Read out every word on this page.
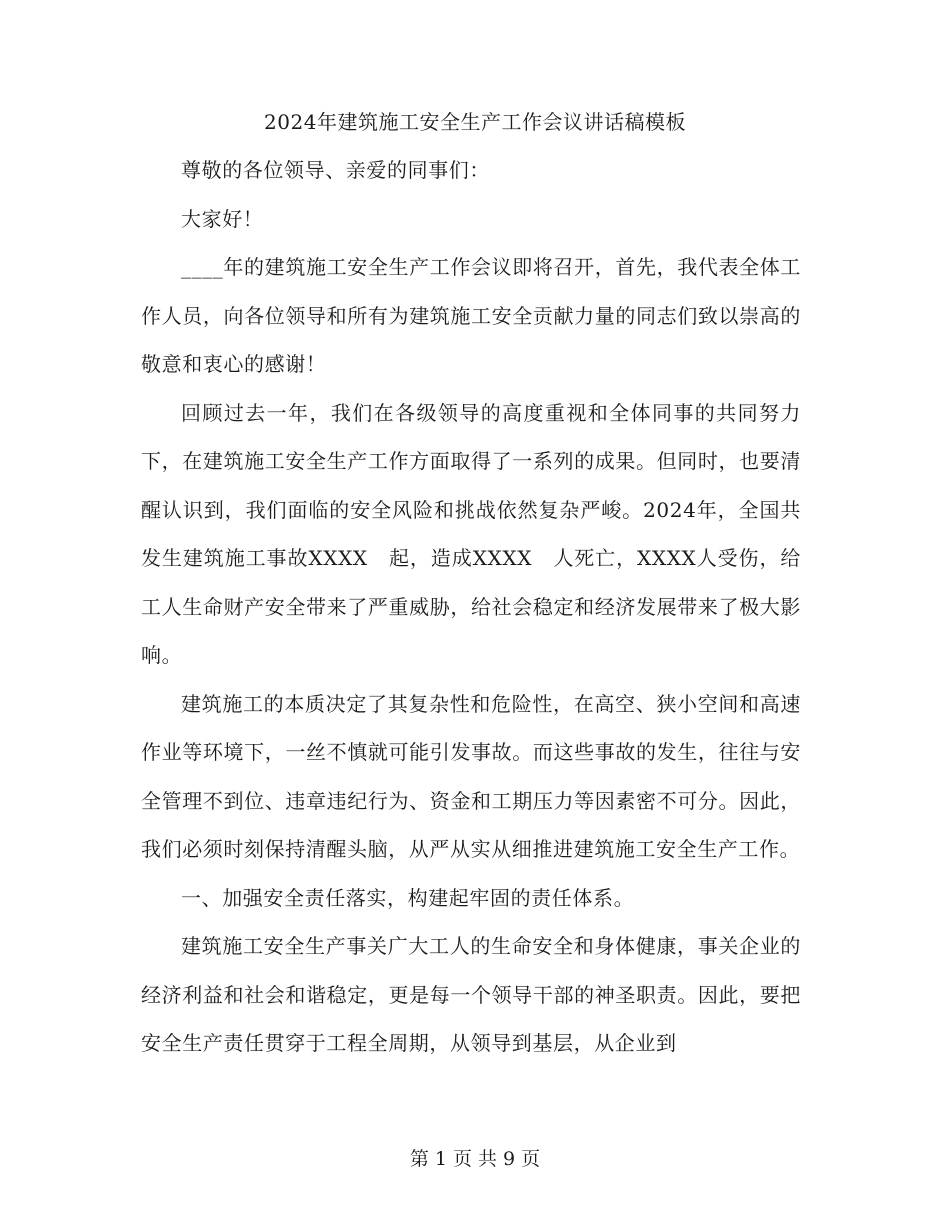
2024年建筑施工安全生产工作会议讲话稿模板

尊敬的各位领导、亲爱的同事们：

大家好！

____年的建筑施工安全生产工作会议即将召开，首先，我代表全体工作人员，向各位领导和所有为建筑施工安全贡献力量的同志们致以崇高的敬意和衷心的感谢！

回顾过去一年，我们在各级领导的高度重视和全体同事的共同努力下，在建筑施工安全生产工作方面取得了一系列的成果。但同时，也要清醒认识到，我们面临的安全风险和挑战依然复杂严峻。2024年，全国共发生建筑施工事故XXXX　起，造成XXXX　人死亡，XXXX人受伤，给工人生命财产安全带来了严重威胁，给社会稳定和经济发展带来了极大影响。

建筑施工的本质决定了其复杂性和危险性，在高空、狭小空间和高速作业等环境下，一丝不慎就可能引发事故。而这些事故的发生，往往与安全管理不到位、违章违纪行为、资金和工期压力等因素密不可分。因此，我们必须时刻保持清醒头脑，从严从实从细推进建筑施工安全生产工作。

一、加强安全责任落实，构建起牢固的责任体系。

建筑施工安全生产事关广大工人的生命安全和身体健康，事关企业的经济利益和社会和谐稳定，更是每一个领导干部的神圣职责。因此，要把安全生产责任贯穿于工程全周期，从领导到基层，从企业到

第 1 页 共 9 页
